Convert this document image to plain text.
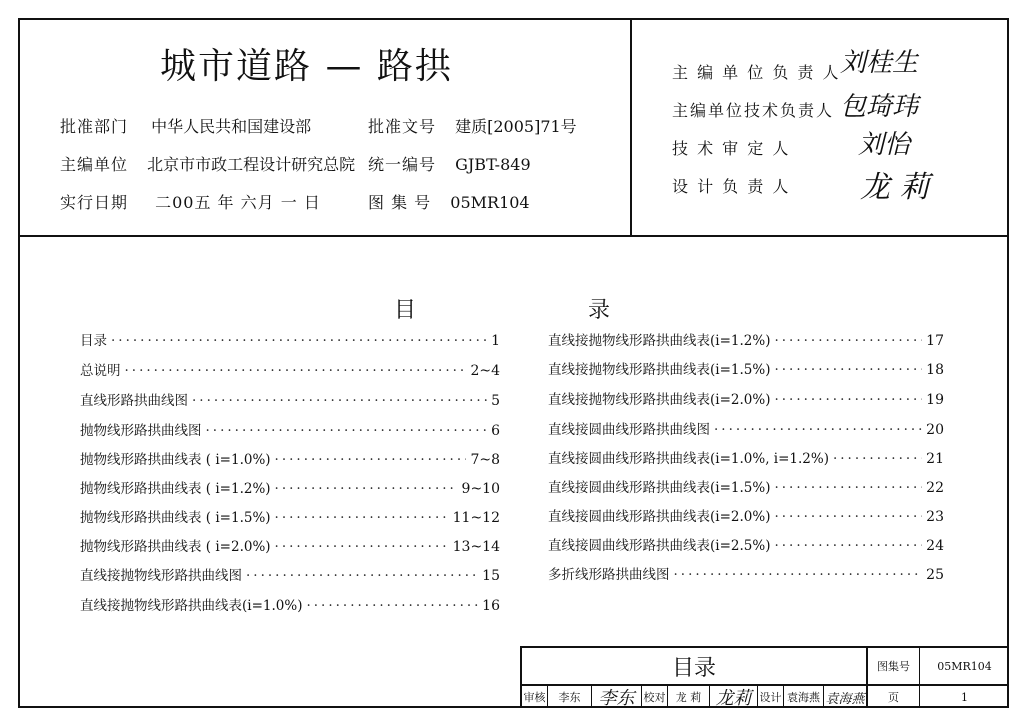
城市道路 — 路拱
批准部门 中华人民共和国建设部	批准文号 建质[2005]71号
主编单位 北京市市政工程设计研究总院 统一编号 GJBT-849
实行日期 二00五 年 六月 一 日	图 集 号 05MR104
主 编 单 位 负 责 人 刘桂生
主编单位技术负责人 包琦玮
技 术 审 定 人	刘怡
设 计 负 责 人 龙 莉
目	录
目录 ·····	1
总说明 ·····	2~4
直线形路拱曲线图 ·····	5
抛物线形路拱曲线图 ·····	6
抛物线形路拱曲线表 ( i=1.0%) ·····	7~8
抛物线形路拱曲线表 ( i=1.2%) ·····	9~10
抛物线形路拱曲线表 ( i=1.5%) ·····	11~12
抛物线形路拱曲线表 ( i=2.0%) ·····	13~14
直线接抛物线形路拱曲线图 ·····	15
直线接抛物线形路拱曲线表(i=1.0%) ·····	16
直线接抛物线形路拱曲线表(i=1.2%) ·····	17
直线接抛物线形路拱曲线表(i=1.5%) ·····	18
直线接抛物线形路拱曲线表(i=2.0%) ·····	19
直线接圆曲线形路拱曲线图 ·····	20
直线接圆曲线形路拱曲线表(i=1.0%, i=1.2%) ·····	21
直线接圆曲线形路拱曲线表(i=1.5%) ·····	22
直线接圆曲线形路拱曲线表(i=2.0%) ·····	23
直线接圆曲线形路拱曲线表(i=2.5%) ·····	24
多折线形路拱曲线图 ·····	25
目录	图集号	05MR104
审核	李东	李东 校对 龙 莉 龙莉 设计 袁海燕 袁海燕	页	1
